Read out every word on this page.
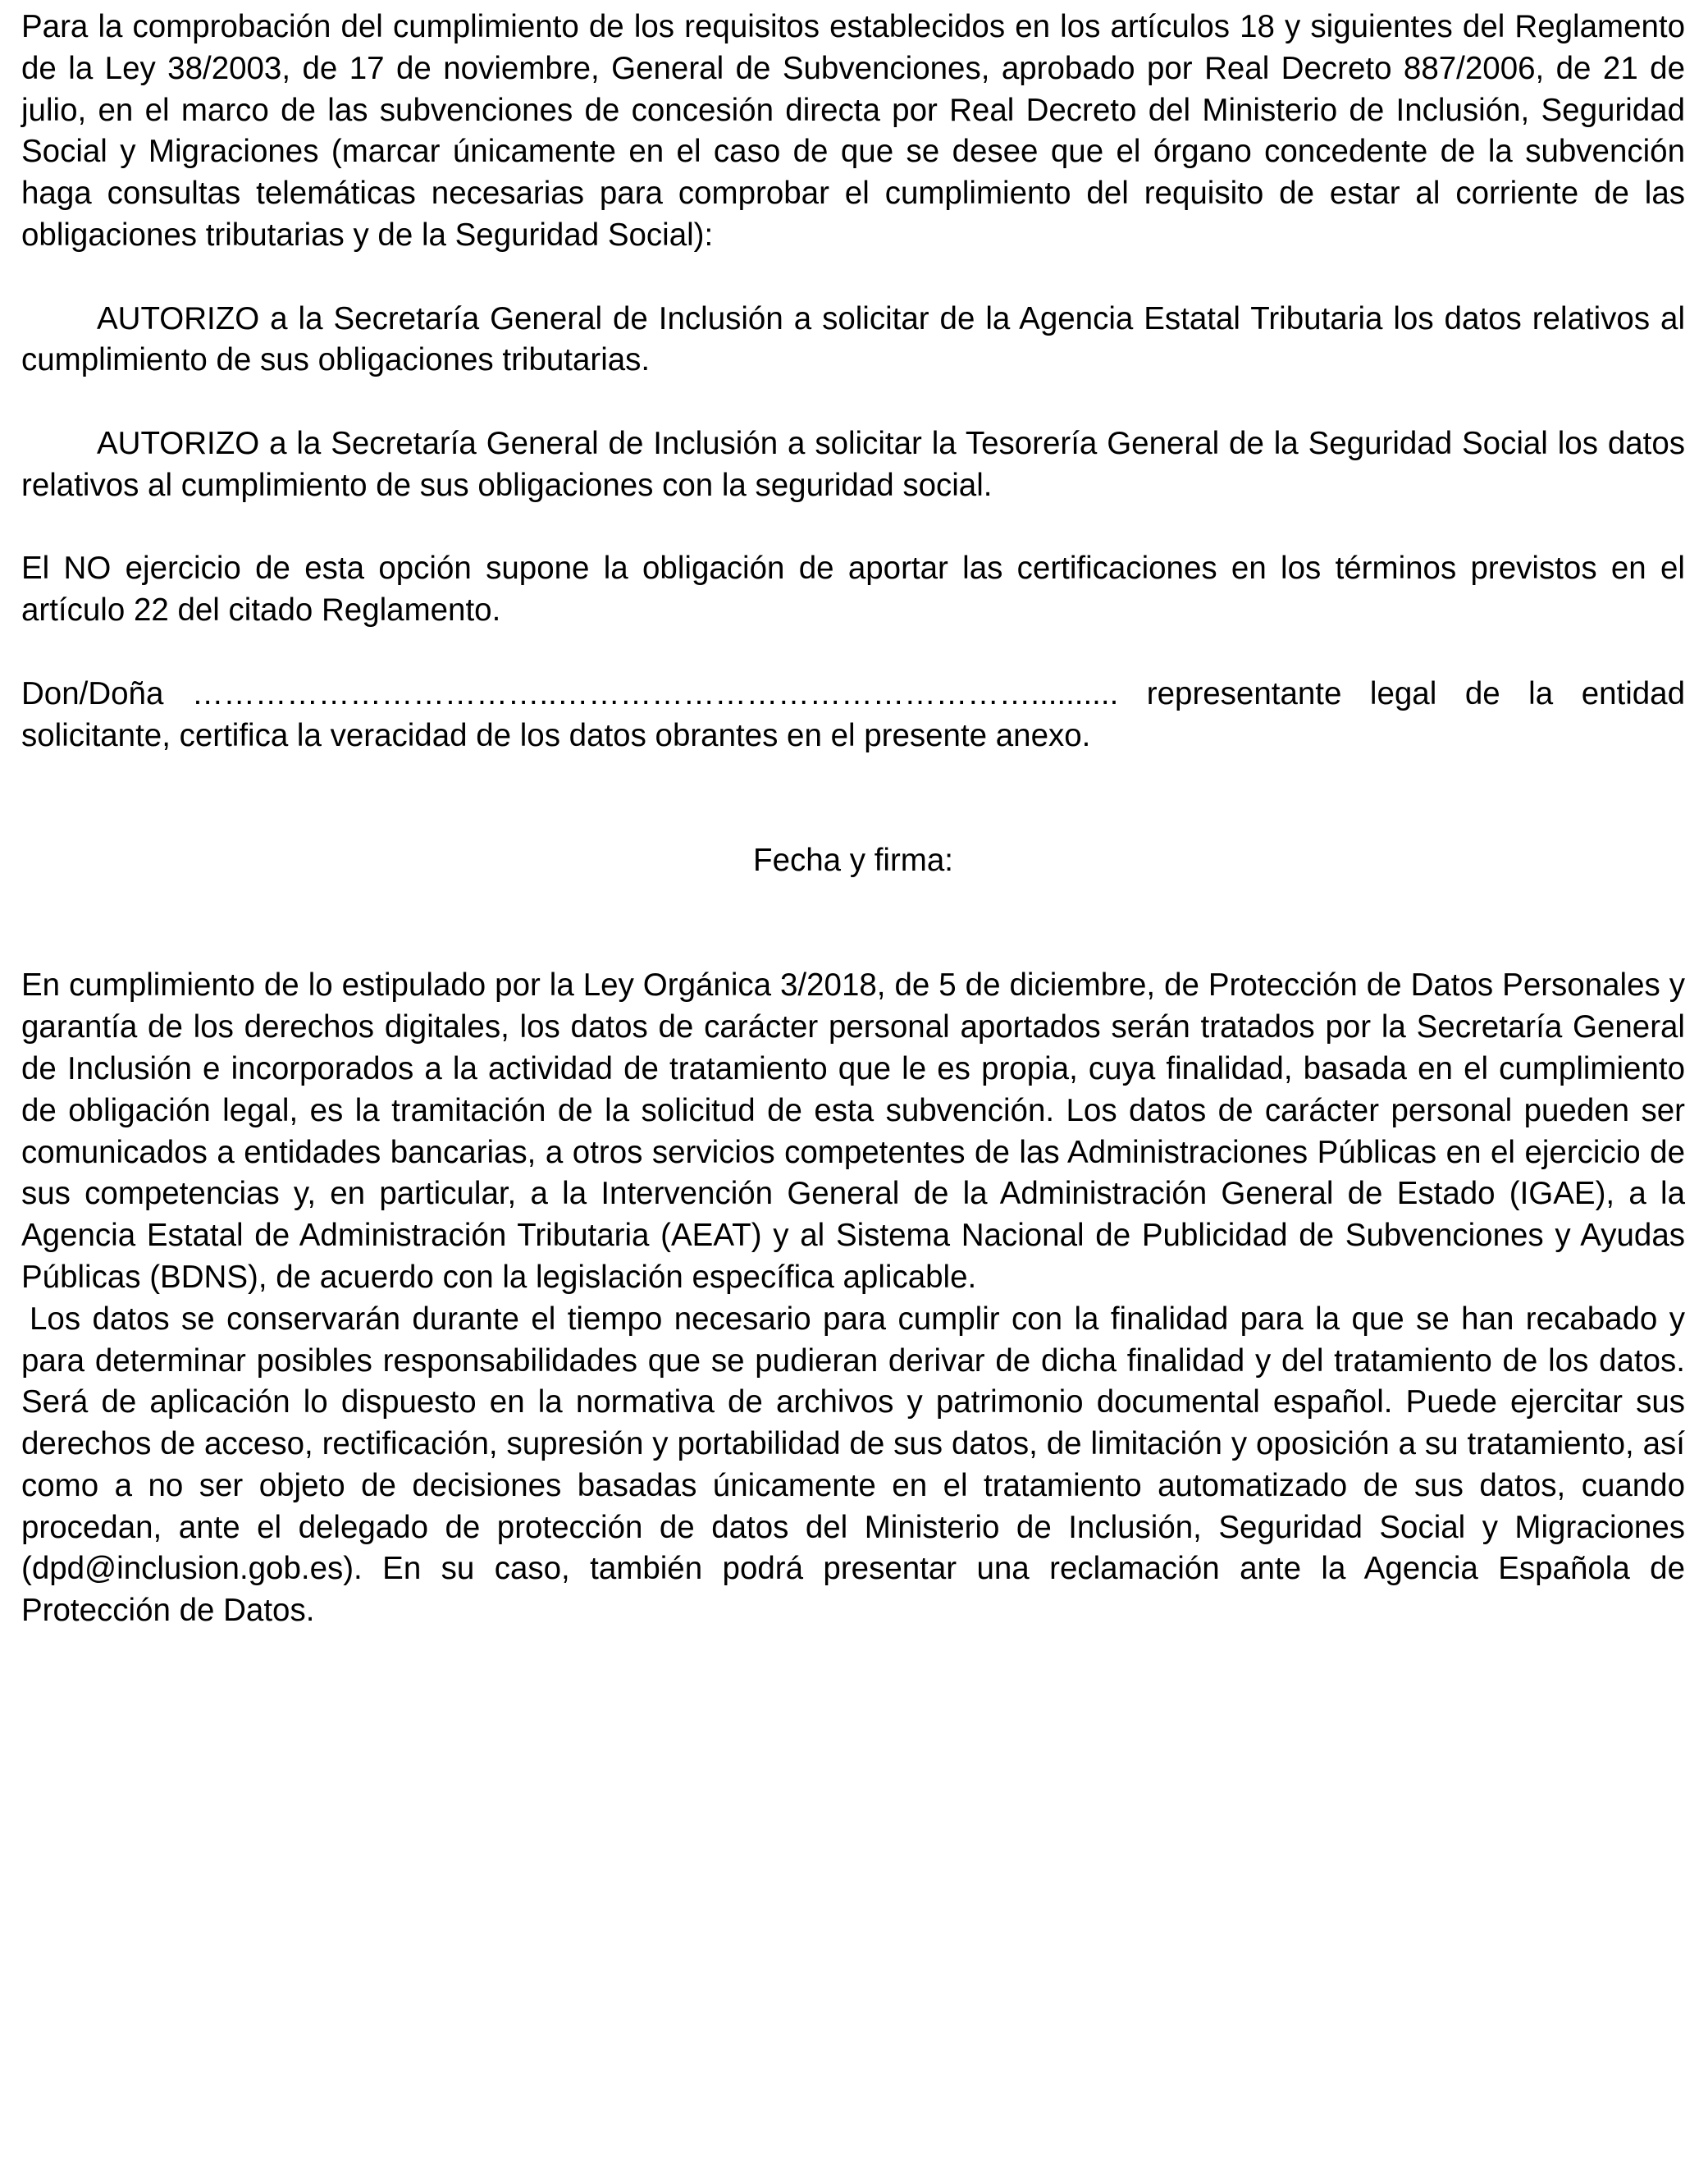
Para la comprobación del cumplimiento de los requisitos establecidos en los artículos 18 y siguientes del Reglamento de la Ley 38/2003, de 17 de noviembre, General de Subvenciones, aprobado por Real Decreto 887/2006, de 21 de julio, en el marco de las subvenciones de concesión directa por Real Decreto del Ministerio de Inclusión, Seguridad Social y Migraciones (marcar únicamente en el caso de que se desee que el órgano concedente de la subvención haga consultas telemáticas necesarias para comprobar el cumplimiento del requisito de estar al corriente de las obligaciones tributarias y de la Seguridad Social):

AUTORIZO a la Secretaría General de Inclusión a solicitar de la Agencia Estatal Tributaria los datos relativos al cumplimiento de sus obligaciones tributarias.

AUTORIZO a la Secretaría General de Inclusión a solicitar la Tesorería General de la Seguridad Social los datos relativos al cumplimiento de sus obligaciones con la seguridad social.

El NO ejercicio de esta opción supone la obligación de aportar las certificaciones en los términos previstos en el artículo 22 del citado Reglamento.

Don/Doña ……………………………..……………………………………….......... representante legal de la entidad solicitante, certifica la veracidad de los datos obrantes en el presente anexo.

Fecha y firma:

En cumplimiento de lo estipulado por la Ley Orgánica 3/2018, de 5 de diciembre, de Protección de Datos Personales y garantía de los derechos digitales, los datos de carácter personal aportados serán tratados por la Secretaría General de Inclusión e incorporados a la actividad de tratamiento que le es propia, cuya finalidad, basada en el cumplimiento de obligación legal, es la tramitación de la solicitud de esta subvención. Los datos de carácter personal pueden ser comunicados a entidades bancarias, a otros servicios competentes de las Administraciones Públicas en el ejercicio de sus competencias y, en particular, a la Intervención General de la Administración General de Estado (IGAE), a la Agencia Estatal de Administración Tributaria (AEAT) y al Sistema Nacional de Publicidad de Subvenciones y Ayudas Públicas (BDNS), de acuerdo con la legislación específica aplicable.

Los datos se conservarán durante el tiempo necesario para cumplir con la finalidad para la que se han recabado y para determinar posibles responsabilidades que se pudieran derivar de dicha finalidad y del tratamiento de los datos. Será de aplicación lo dispuesto en la normativa de archivos y patrimonio documental español. Puede ejercitar sus derechos de acceso, rectificación, supresión y portabilidad de sus datos, de limitación y oposición a su tratamiento, así como a no ser objeto de decisiones basadas únicamente en el tratamiento automatizado de sus datos, cuando procedan, ante el delegado de protección de datos del Ministerio de Inclusión, Seguridad Social y Migraciones (dpd@inclusion.gob.es). En su caso, también podrá presentar una reclamación ante la Agencia Española de Protección de Datos.
